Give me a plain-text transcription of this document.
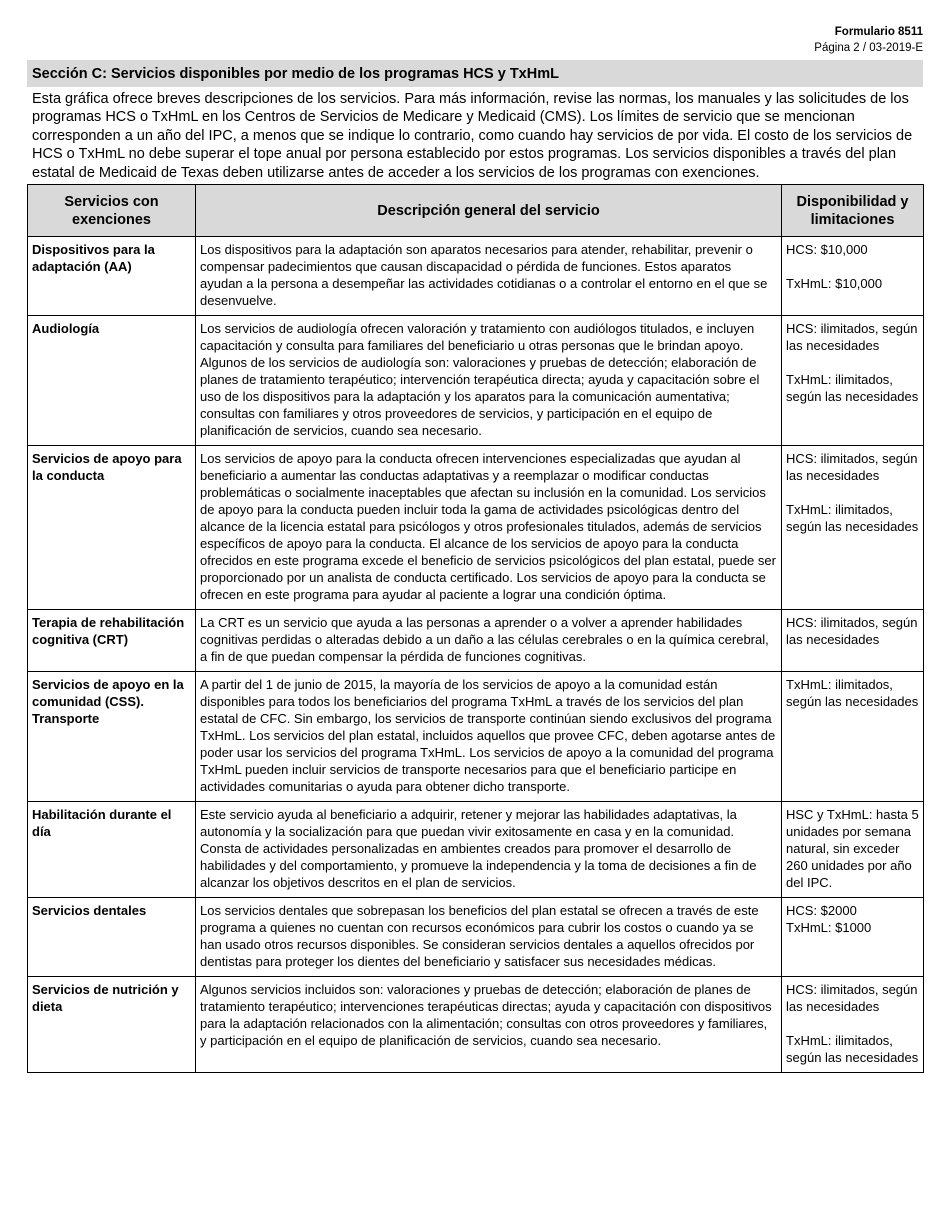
Formulario 8511
Página 2 / 03-2019-E
Sección C: Servicios disponibles por medio de los programas HCS y TxHmL
Esta gráfica ofrece breves descripciones de los servicios. Para más información, revise las normas, los manuales y las solicitudes de los programas HCS o TxHmL en los Centros de Servicios de Medicare y Medicaid (CMS). Los límites de servicio que se mencionan corresponden a un año del IPC, a menos que se indique lo contrario, como cuando hay servicios de por vida. El costo de los servicios de HCS o TxHmL no debe superar el tope anual por persona establecido por estos programas. Los servicios disponibles a través del plan estatal de Medicaid de Texas deben utilizarse antes de acceder a los servicios de los programas con exenciones.
Servicios con exenciones	Descripción general del servicio	Disponibilidad y limitaciones
Dispositivos para la adaptación (AA)	Los dispositivos para la adaptación son aparatos necesarios para atender, rehabilitar, prevenir o compensar padecimientos que causan discapacidad o pérdida de funciones. Estos aparatos ayudan a la persona a desempeñar las actividades cotidianas o a controlar el entorno en el que se desenvuelve.	HCS: $10,000
TxHmL: $10,000

Audiología	Los servicios de audiología ofrecen valoración y tratamiento con audiólogos titulados, e incluyen capacitación y consulta para familiares del beneficiario u otras personas que le brindan apoyo. Algunos de los servicios de audiología son: valoraciones y pruebas de detección; elaboración de planes de tratamiento terapéutico; intervención terapéutica directa; ayuda y capacitación sobre el uso de los dispositivos para la adaptación y los aparatos para la comunicación aumentativa; consultas con familiares y otros proveedores de servicios, y participación en el equipo de planificación de servicios, cuando sea necesario.	HCS: ilimitados, según las necesidades
TxHmL: ilimitados, según las necesidades

Servicios de apoyo para la conducta	Los servicios de apoyo para la conducta ofrecen intervenciones especializadas que ayudan al beneficiario a aumentar las conductas adaptativas y a reemplazar o modificar conductas problemáticas o socialmente inaceptables que afectan su inclusión en la comunidad. Los servicios de apoyo para la conducta pueden incluir toda la gama de actividades psicológicas dentro del alcance de la licencia estatal para psicólogos y otros profesionales titulados, además de servicios específicos de apoyo para la conducta. El alcance de los servicios de apoyo para la conducta ofrecidos en este programa excede el beneficio de servicios psicológicos del plan estatal, puede ser proporcionado por un analista de conducta certificado. Los servicios de apoyo para la conducta se ofrecen en este programa para ayudar al paciente a lograr una condición óptima.	HCS: ilimitados, según las necesidades
TxHmL: ilimitados, según las necesidades

Terapia de rehabilitación cognitiva (CRT)	La CRT es un servicio que ayuda a las personas a aprender o a volver a aprender habilidades cognitivas perdidas o alteradas debido a un daño a las células cerebrales o en la química cerebral, a fin de que puedan compensar la pérdida de funciones cognitivas.	HCS: ilimitados, según las necesidades

Servicios de apoyo en la comunidad (CSS). Transporte	A partir del 1 de junio de 2015, la mayoría de los servicios de apoyo a la comunidad están disponibles para todos los beneficiarios del programa TxHmL a través de los servicios del plan estatal de CFC. Sin embargo, los servicios de transporte continúan siendo exclusivos del programa TxHmL. Los servicios del plan estatal, incluidos aquellos que provee CFC, deben agotarse antes de poder usar los servicios del programa TxHmL. Los servicios de apoyo a la comunidad del programa TxHmL pueden incluir servicios de transporte necesarios para que el beneficiario participe en actividades comunitarias o ayuda para obtener dicho transporte.	TxHmL: ilimitados, según las necesidades

Habilitación durante el día	Este servicio ayuda al beneficiario a adquirir, retener y mejorar las habilidades adaptativas, la autonomía y la socialización para que puedan vivir exitosamente en casa y en la comunidad. Consta de actividades personalizadas en ambientes creados para promover el desarrollo de habilidades y del comportamiento, y promueve la independencia y la toma de decisiones a fin de alcanzar los objetivos descritos en el plan de servicios.	HSC y TxHmL: hasta 5 unidades por semana natural, sin exceder 260 unidades por año del IPC.

Servicios dentales	Los servicios dentales que sobrepasan los beneficios del plan estatal se ofrecen a través de este programa a quienes no cuentan con recursos económicos para cubrir los costos o cuando ya se han usado otros recursos disponibles. Se consideran servicios dentales a aquellos ofrecidos por dentistas para proteger los dientes del beneficiario y satisfacer sus necesidades médicas.	HCS: $2000
TxHmL: $1000

Servicios de nutrición y dieta	Algunos servicios incluidos son: valoraciones y pruebas de detección; elaboración de planes de tratamiento terapéutico; intervenciones terapéuticas directas; ayuda y capacitación con dispositivos para la adaptación relacionados con la alimentación; consultas con otros proveedores y familiares, y participación en el equipo de planificación de servicios, cuando sea necesario.	HCS: ilimitados, según las necesidades
TxHmL: ilimitados, según las necesidades
